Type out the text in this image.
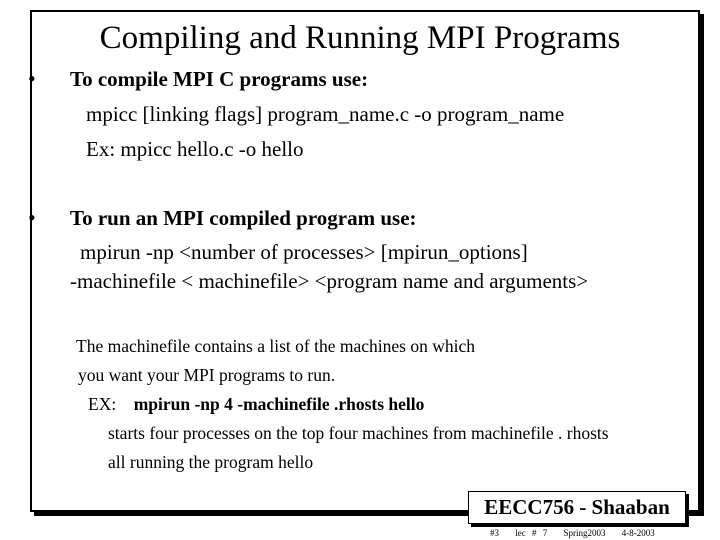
Compiling and Running MPI Programs
• To compile MPI C programs use:
mpicc [linking flags] program_name.c -o program_name
Ex: mpicc hello.c -o hello
• To run an MPI compiled program use:
mpirun -np <number of processes> [mpirun_options]
-machinefile < machinefile> <program name and arguments>
The machinefile contains a list of the machines on which
you want your MPI programs to run.
EX: mpirun -np 4 -machinefile .rhosts hello
starts four processes on the top four machines from machinefile . rhosts
all running the program hello
EECC756 - Shaaban
#3 lec # 7 Spring2003 4-8-2003
